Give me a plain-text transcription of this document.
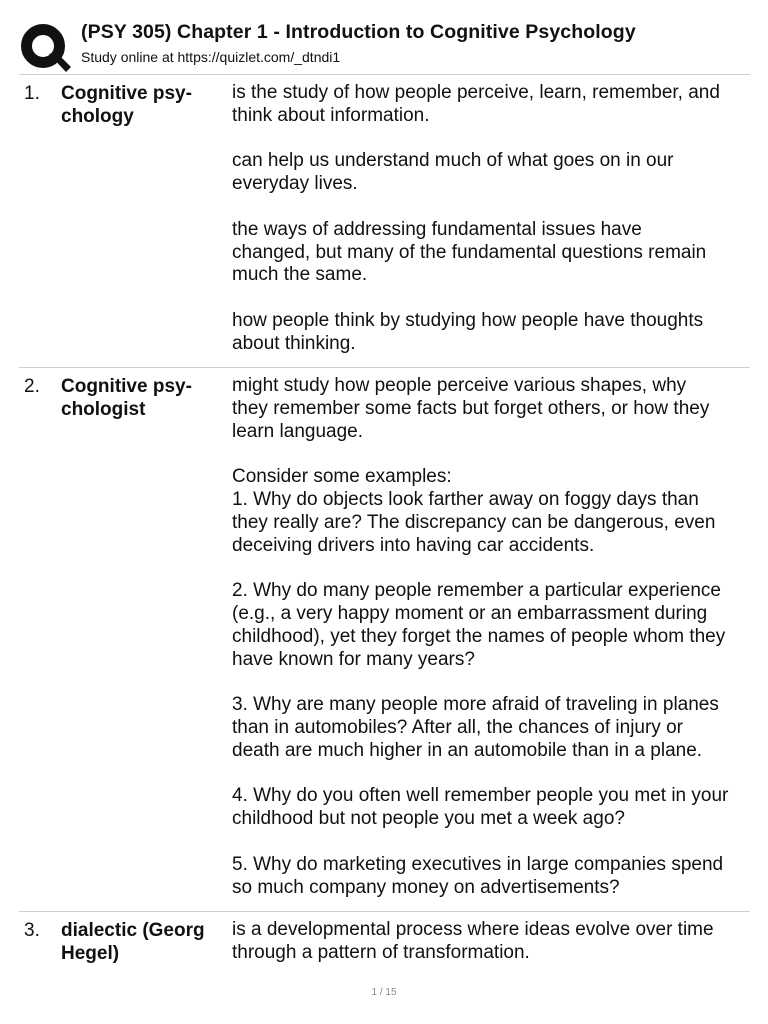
(PSY 305) Chapter 1 - Introduction to Cognitive Psychology
Study online at https://quizlet.com/_dtndi1
1. Cognitive psy-
chology
is the study of how people perceive, learn, remember, and
think about information.
can help us understand much of what goes on in our
everyday lives.
the ways of addressing fundamental issues have
changed, but many of the fundamental questions remain
much the same.
how people think by studying how people have thoughts
about thinking.
2. Cognitive psy-
chologist
might study how people perceive various shapes, why
they remember some facts but forget others, or how they
learn language.
Consider some examples:
1. Why do objects look farther away on foggy days than
they really are? The discrepancy can be dangerous, even
deceiving drivers into having car accidents.
2. Why do many people remember a particular experience
(e.g., a very happy moment or an embarrassment during
childhood), yet they forget the names of people whom they
have known for many years?
3. Why are many people more afraid of traveling in planes
than in automobiles? After all, the chances of injury or
death are much higher in an automobile than in a plane.
4. Why do you often well remember people you met in your
childhood but not people you met a week ago?
5. Why do marketing executives in large companies spend
so much company money on advertisements?
3. dialectic (Georg
Hegel)
is a developmental process where ideas evolve over time
through a pattern of transformation.
1 / 15
